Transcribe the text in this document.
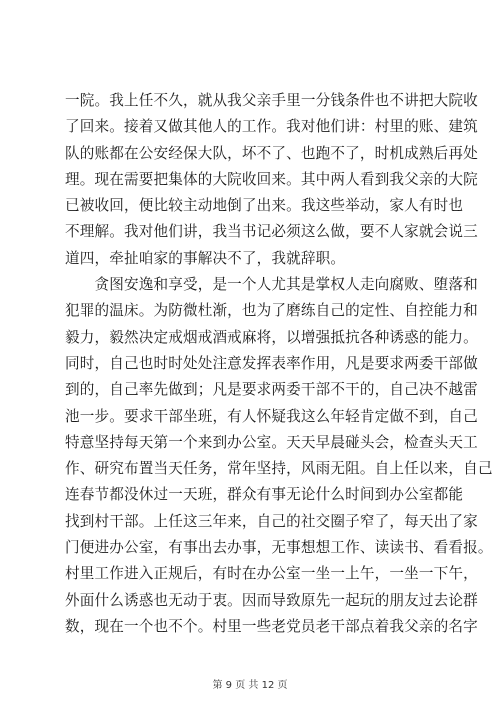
一院。我上任不久，就从我父亲手里一分钱条件也不讲把大院收
了回来。接着又做其他人的工作。我对他们讲：村里的账、建筑
队的账都在公安经保大队，坏不了、也跑不了，时机成熟后再处
理。现在需要把集体的大院收回来。其中两人看到我父亲的大院
已被收回，便比较主动地倒了出来。我这些举动，家人有时也
不理解。我对他们讲，我当书记必须这么做，要不人家就会说三
道四，牵扯咱家的事解决不了，我就辞职。
　　贪图安逸和享受，是一个人尤其是掌权人走向腐败、堕落和
犯罪的温床。为防微杜渐，也为了磨练自己的定性、自控能力和
毅力，毅然决定戒烟戒酒戒麻将，以增强抵抗各种诱惑的能力。
同时，自己也时时处处注意发挥表率作用，凡是要求两委干部做
到的，自己率先做到；凡是要求两委干部不干的，自己决不越雷
池一步。要求干部坐班，有人怀疑我这么年轻肯定做不到，自己
特意坚持每天第一个来到办公室。天天早晨碰头会，检查头天工
作、研究布置当天任务，常年坚持，风雨无阻。自上任以来，自己
连春节都没休过一天班，群众有事无论什么时间到办公室都能
找到村干部。上任这三年来，自己的社交圈子窄了，每天出了家
门便进办公室，有事出去办事，无事想想工作、读读书、看看报。
村里工作进入正规后，有时在办公室一坐一上午，一坐一下午，
外面什么诱惑也无动于衷。因而导致原先一起玩的朋友过去论群
数，现在一个也不个。村里一些老党员老干部点着我父亲的名字
第 9 页 共 12 页
